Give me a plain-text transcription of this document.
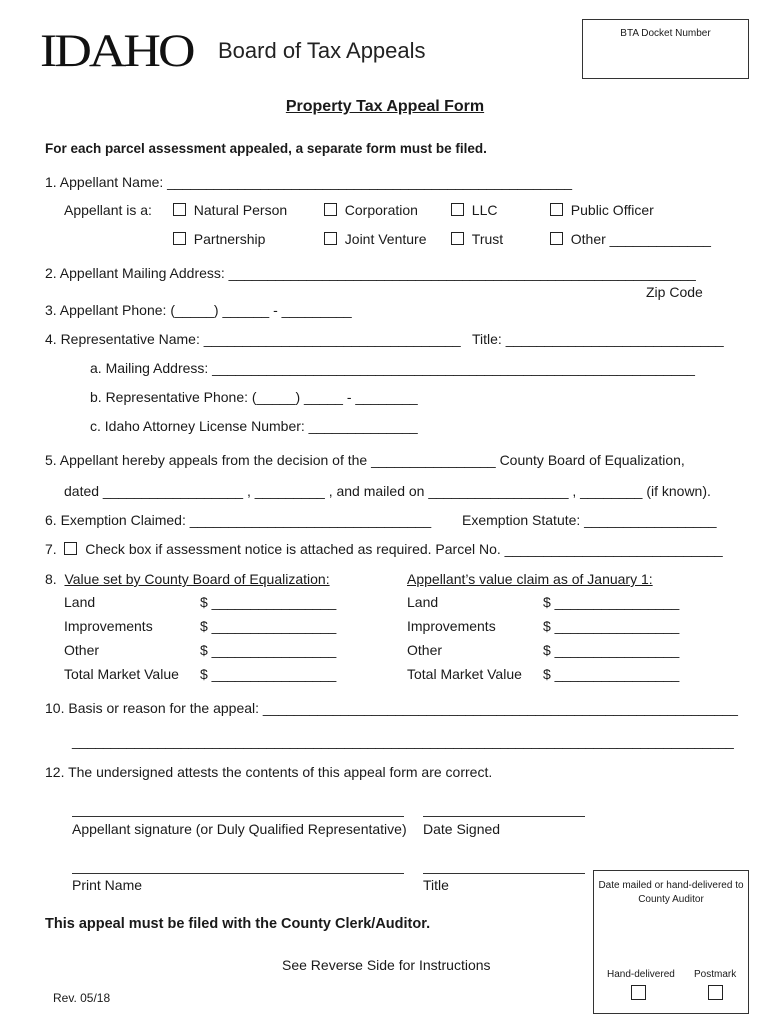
IDAHO Board of Tax Appeals
BTA Docket Number
Property Tax Appeal Form
For each parcel assessment appealed, a separate form must be filed.
1. Appellant Name: ____________________________________________________
Appellant is a:	Natural Person	Corporation	LLC	Public Officer
Partnership	Joint Venture	Trust	Other _____________
2. Appellant Mailing Address: ____________________________________________________________
Zip Code
3. Appellant Phone: (_____) ______ - _________
4. Representative Name: _________________________________ Title: ____________________________
a. Mailing Address: ______________________________________________________________
b. Representative Phone: (_____) _____ - ________
c. Idaho Attorney License Number: ______________
5. Appellant hereby appeals from the decision of the ________________ County Board of Equalization,
dated __________________ , _________ , and mailed on __________________ , ________ (if known).
6. Exemption Claimed: _______________________________ Exemption Statute: _________________
7. Check box if assessment notice is attached as required. Parcel No. ____________________________
8. Value set by County Board of Equalization:	Appellant’s value claim as of January 1:
Land	$ ________________	Land	$ ________________
Improvements	$ ________________	Improvements	$ ________________
Other	$ ________________	Other	$ ________________
Total Market Value $ ________________	Total Market Value $ ________________
10. Basis or reason for the appeal: _____________________________________________________________
_____________________________________________________________________________________
12. The undersigned attests the contents of this appeal form are correct.
Appellant signature (or Duly Qualified Representative) Date Signed
Print Name	Title
This appeal must be filed with the County Clerk/Auditor.
See Reverse Side for Instructions
Rev. 05/18
Date mailed or hand-delivered to County Auditor
Hand-delivered Postmark
